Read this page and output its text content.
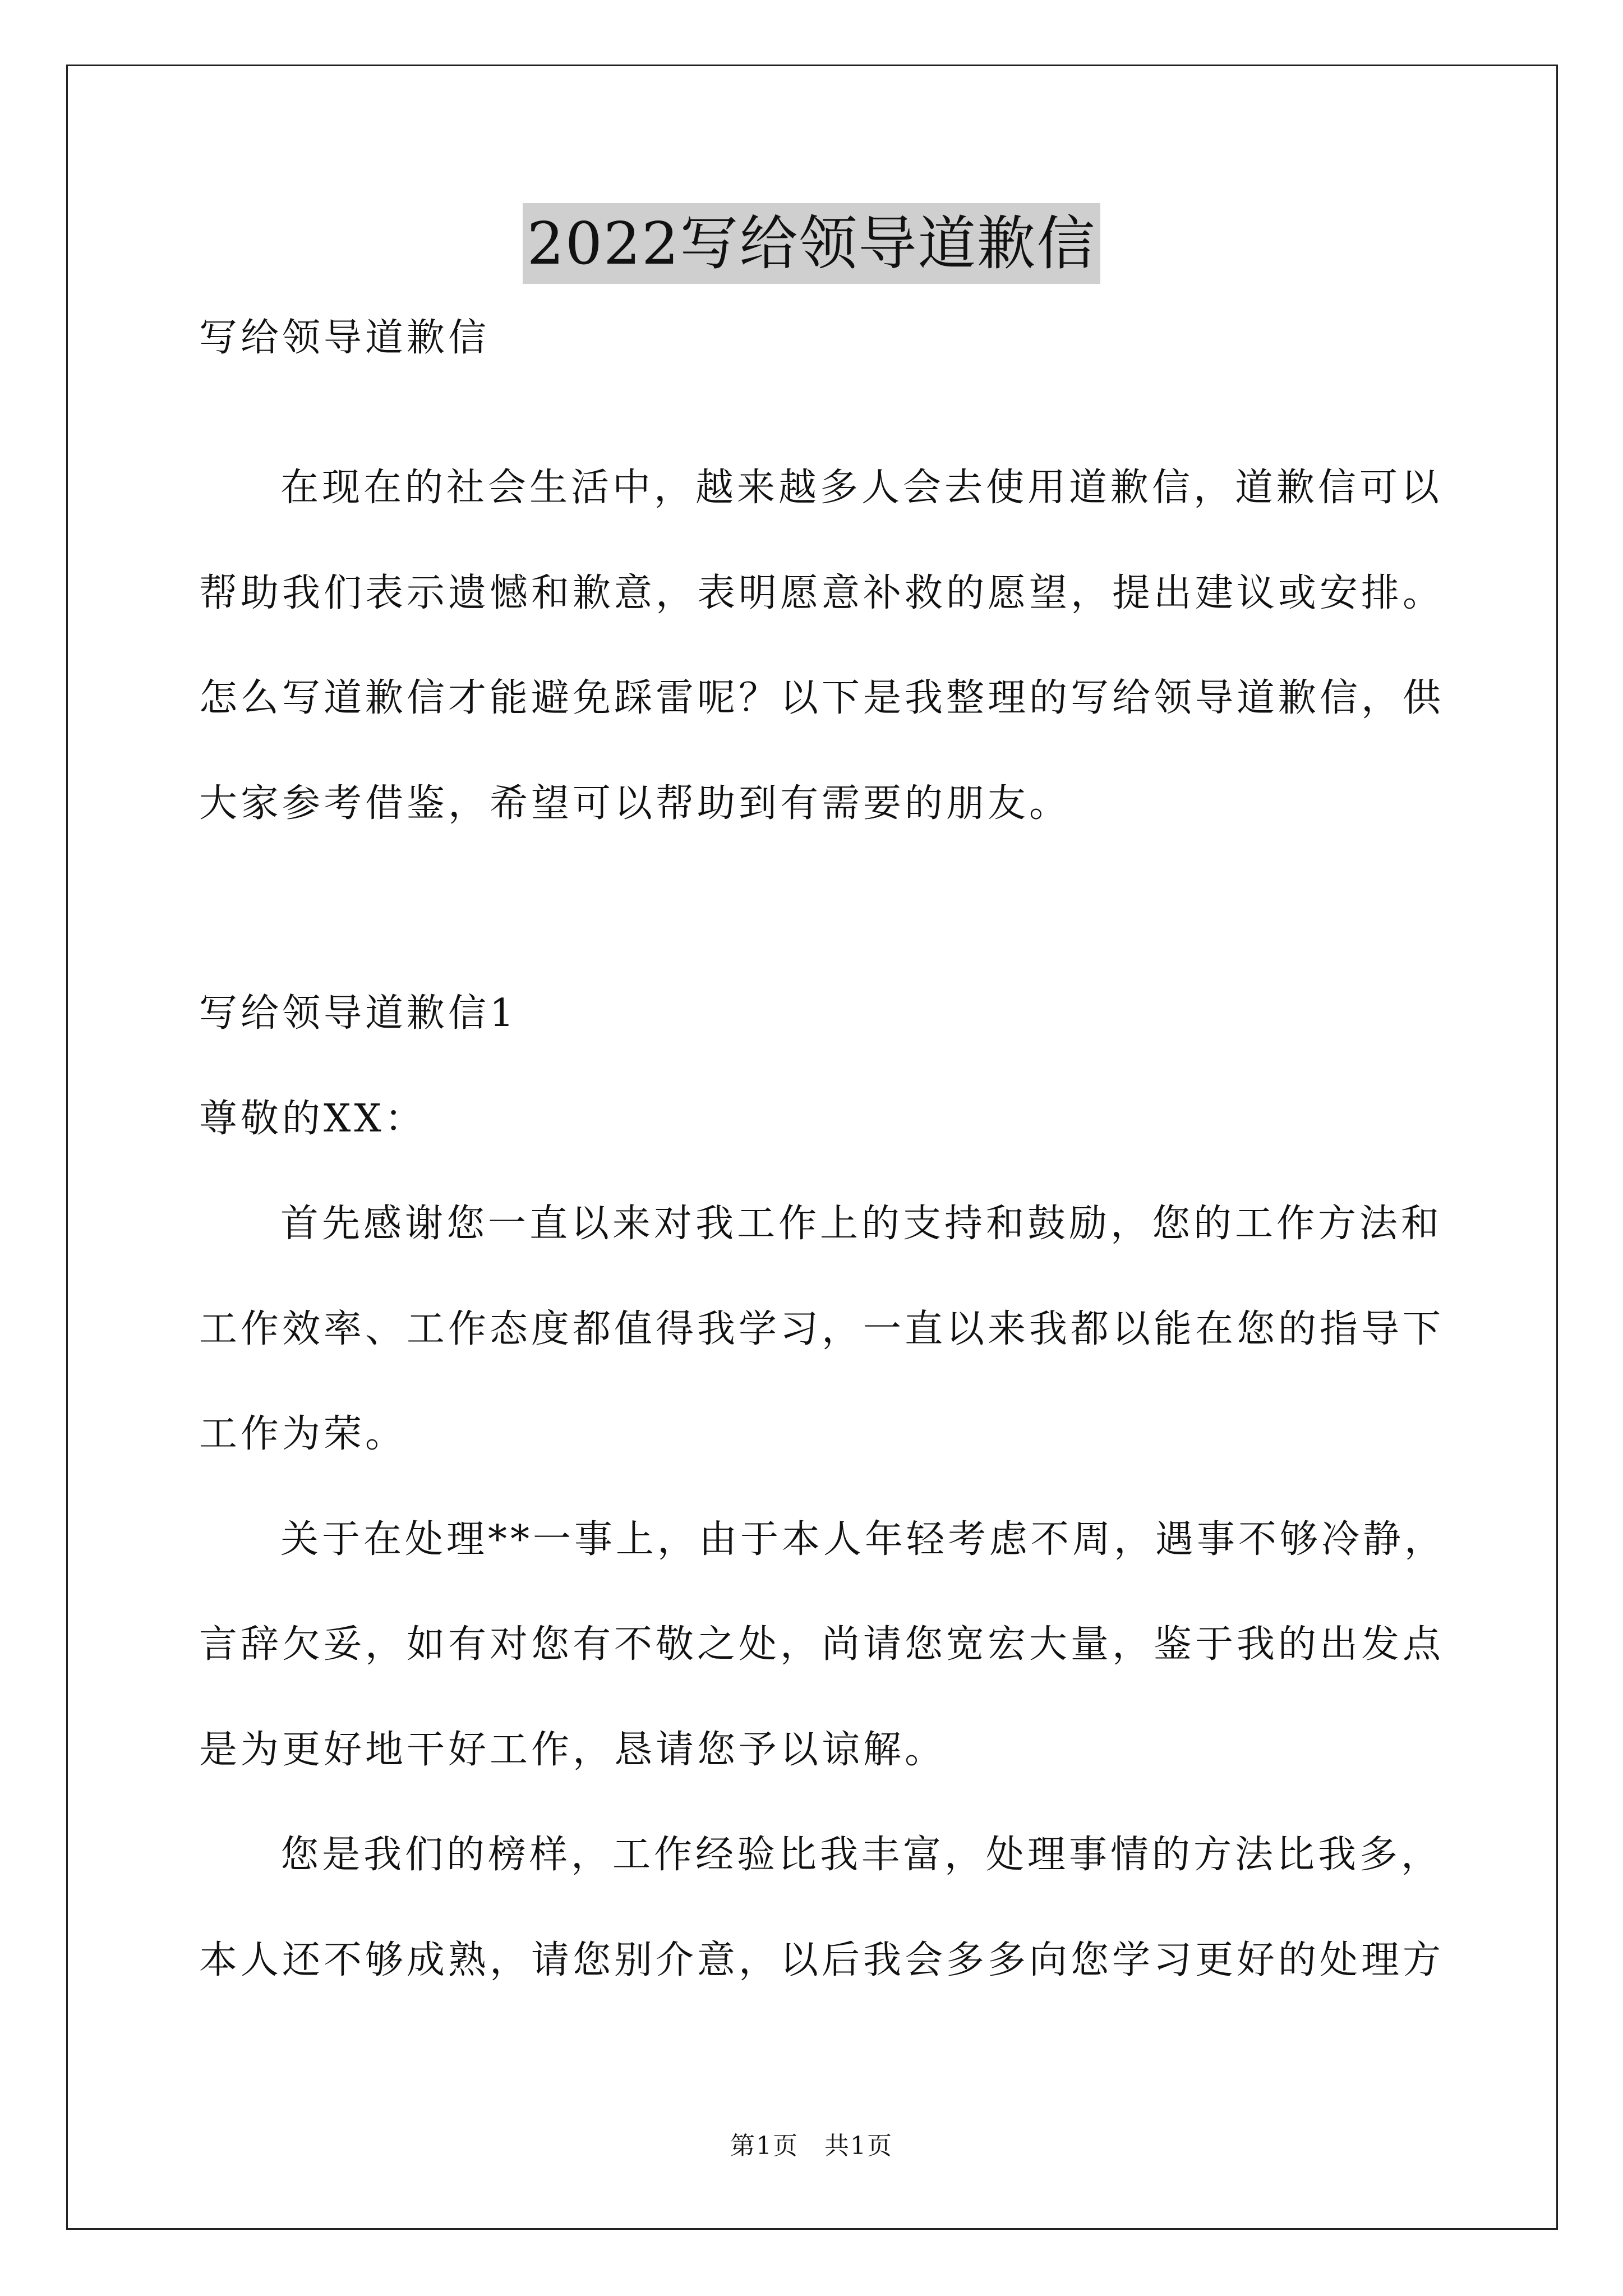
2022写给领导道歉信
写给领导道歉信
在现在的社会生活中，越来越多人会去使用道歉信，道歉信可以
帮助我们表示遗憾和歉意，表明愿意补救的愿望，提出建议或安排。
怎么写道歉信才能避免踩雷呢？以下是我整理的写给领导道歉信，供
大家参考借鉴，希望可以帮助到有需要的朋友。
写给领导道歉信1
尊敬的XX：
首先感谢您一直以来对我工作上的支持和鼓励，您的工作方法和
工作效率、工作态度都值得我学习，一直以来我都以能在您的指导下
工作为荣。
关于在处理**一事上，由于本人年轻考虑不周，遇事不够冷静，
言辞欠妥，如有对您有不敬之处，尚请您宽宏大量，鉴于我的出发点
是为更好地干好工作，恳请您予以谅解。
您是我们的榜样，工作经验比我丰富，处理事情的方法比我多，
本人还不够成熟，请您别介意，以后我会多多向您学习更好的处理方
第1页　共1页
